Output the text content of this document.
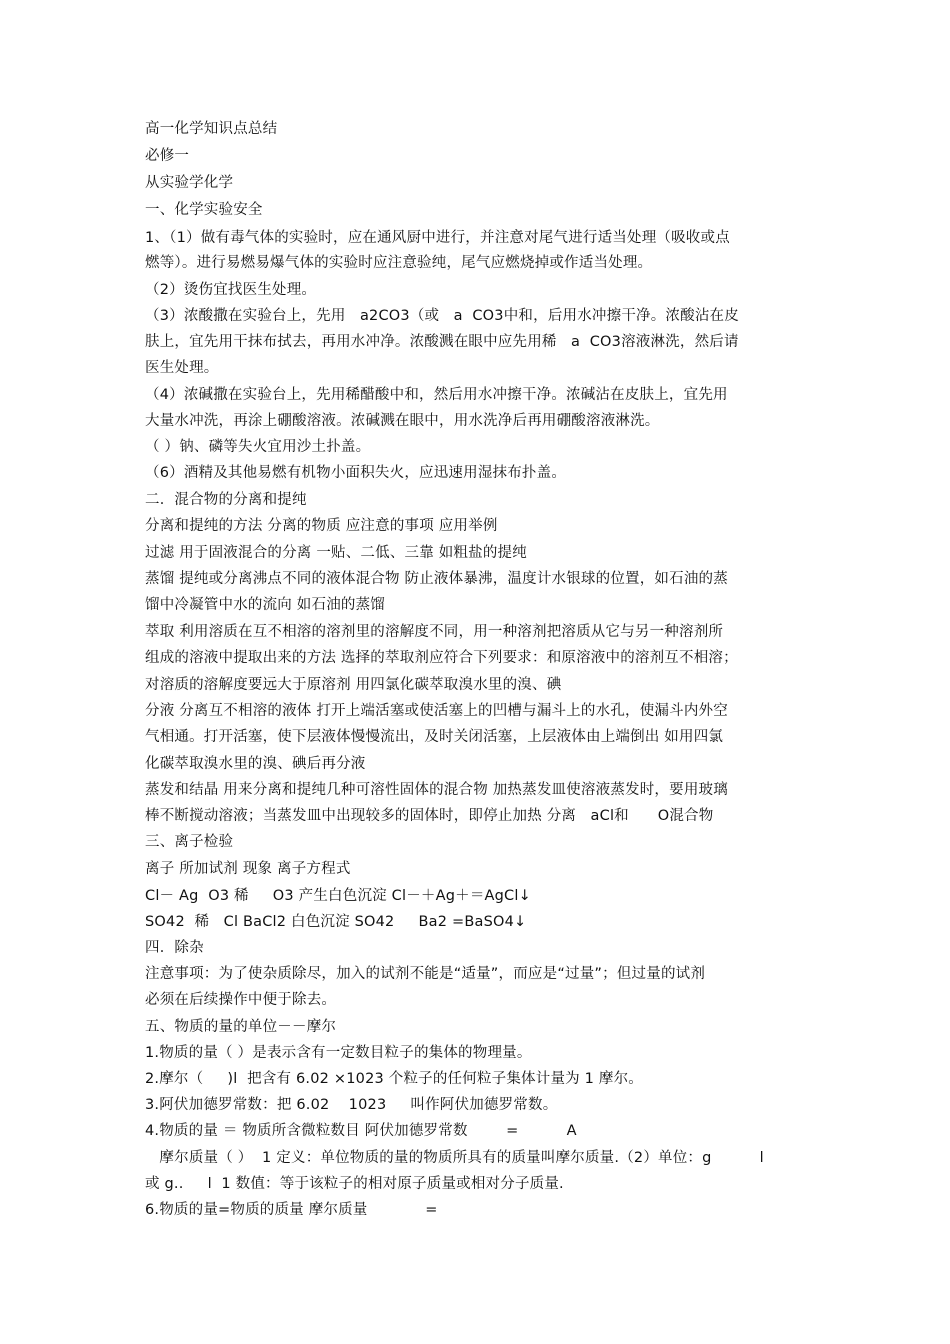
高一化学知识点总结
必修一
从实验学化学
一、化学实验安全
1、（1）做有毒气体的实验时，应在通风厨中进行，并注意对尾气进行适当处理（吸收或点
燃等）。进行易燃易爆气体的实验时应注意验纯，尾气应燃烧掉或作适当处理。
（2）烫伤宜找医生处理。
（3）浓酸撒在实验台上，先用   a2CO3（或   a  CO3中和，后用水冲擦干净。浓酸沾在皮
肤上，宜先用干抹布拭去，再用水冲净。浓酸溅在眼中应先用稀   a  CO3溶液淋洗，然后请
医生处理。
（4）浓碱撒在实验台上，先用稀醋酸中和，然后用水冲擦干净。浓碱沾在皮肤上，宜先用
大量水冲洗，再涂上硼酸溶液。浓碱溅在眼中，用水洗净后再用硼酸溶液淋洗。
（ ）钠、磷等失火宜用沙土扑盖。
（6）酒精及其他易燃有机物小面积失火，应迅速用湿抹布扑盖。
二．混合物的分离和提纯
分离和提纯的方法 分离的物质 应注意的事项 应用举例
过滤 用于固液混合的分离 一贴、二低、三靠 如粗盐的提纯
蒸馏 提纯或分离沸点不同的液体混合物 防止液体暴沸，温度计水银球的位置，如石油的蒸
馏中冷凝管中水的流向 如石油的蒸馏
萃取 利用溶质在互不相溶的溶剂里的溶解度不同，用一种溶剂把溶质从它与另一种溶剂所
组成的溶液中提取出来的方法 选择的萃取剂应符合下列要求：和原溶液中的溶剂互不相溶；
对溶质的溶解度要远大于原溶剂 用四氯化碳萃取溴水里的溴、碘
分液 分离互不相溶的液体 打开上端活塞或使活塞上的凹槽与漏斗上的水孔，使漏斗内外空
气相通。打开活塞，使下层液体慢慢流出，及时关闭活塞，上层液体由上端倒出 如用四氯
化碳萃取溴水里的溴、碘后再分液
蒸发和结晶 用来分离和提纯几种可溶性固体的混合物 加热蒸发皿使溶液蒸发时，要用玻璃
棒不断搅动溶液；当蒸发皿中出现较多的固体时，即停止加热 分离   aCl和      O混合物
三、离子检验
离子 所加试剂 现象 离子方程式
Cl－ Ag  O3 稀     O3 产生白色沉淀 Cl－＋Ag＋＝AgCl↓
SO42  稀   Cl BaCl2 白色沉淀 SO42     Ba2 =BaSO4↓
四．除杂
注意事项：为了使杂质除尽，加入的试剂不能是“适量”，而应是“过量”；但过量的试剂
必须在后续操作中便于除去。
五、物质的量的单位－－摩尔
1.物质的量（ ）是表示含有一定数目粒子的集体的物理量。
2.摩尔（     )l  把含有 6.02 ×1023 个粒子的任何粒子集体计量为 1 摩尔。
3.阿伏加德罗常数：把 6.02    1023     叫作阿伏加德罗常数。
4.物质的量 ＝ 物质所含微粒数目 阿伏加德罗常数        =          A
摩尔质量（ ）  1 定义：单位物质的量的物质所具有的质量叫摩尔质量.（2）单位：g          l
或 g..     l  1 数值：等于该粒子的相对原子质量或相对分子质量.
6.物质的量=物质的质量 摩尔质量            =
